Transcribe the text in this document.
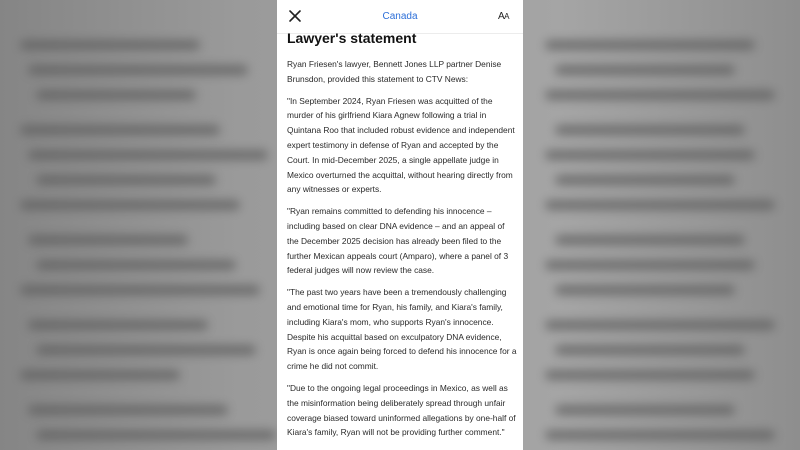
Canada	AA
Lawyer's statement

Ryan Friesen's lawyer, Bennett Jones LLP partner Denise Brunsdon, provided this statement to CTV News:

"In September 2024, Ryan Friesen was acquitted of the murder of his girlfriend Kiara Agnew following a trial in Quintana Roo that included robust evidence and independent expert testimony in defense of Ryan and accepted by the Court. In mid-December 2025, a single appellate judge in Mexico overturned the acquittal, without hearing directly from any witnesses or experts.

"Ryan remains committed to defending his innocence – including based on clear DNA evidence – and an appeal of the December 2025 decision has already been filed to the further Mexican appeals court (Amparo), where a panel of 3 federal judges will now review the case.

"The past two years have been a tremendously challenging and emotional time for Ryan, his family, and Kiara's family, including Kiara's mom, who supports Ryan's innocence. Despite his acquittal based on exculpatory DNA evidence, Ryan is once again being forced to defend his innocence for a crime he did not commit.

"Due to the ongoing legal proceedings in Mexico, as well as the misinformation being deliberately spread through unfair coverage biased toward uninformed allegations by one-half of Kiara's family, Ryan will not be providing further comment."
